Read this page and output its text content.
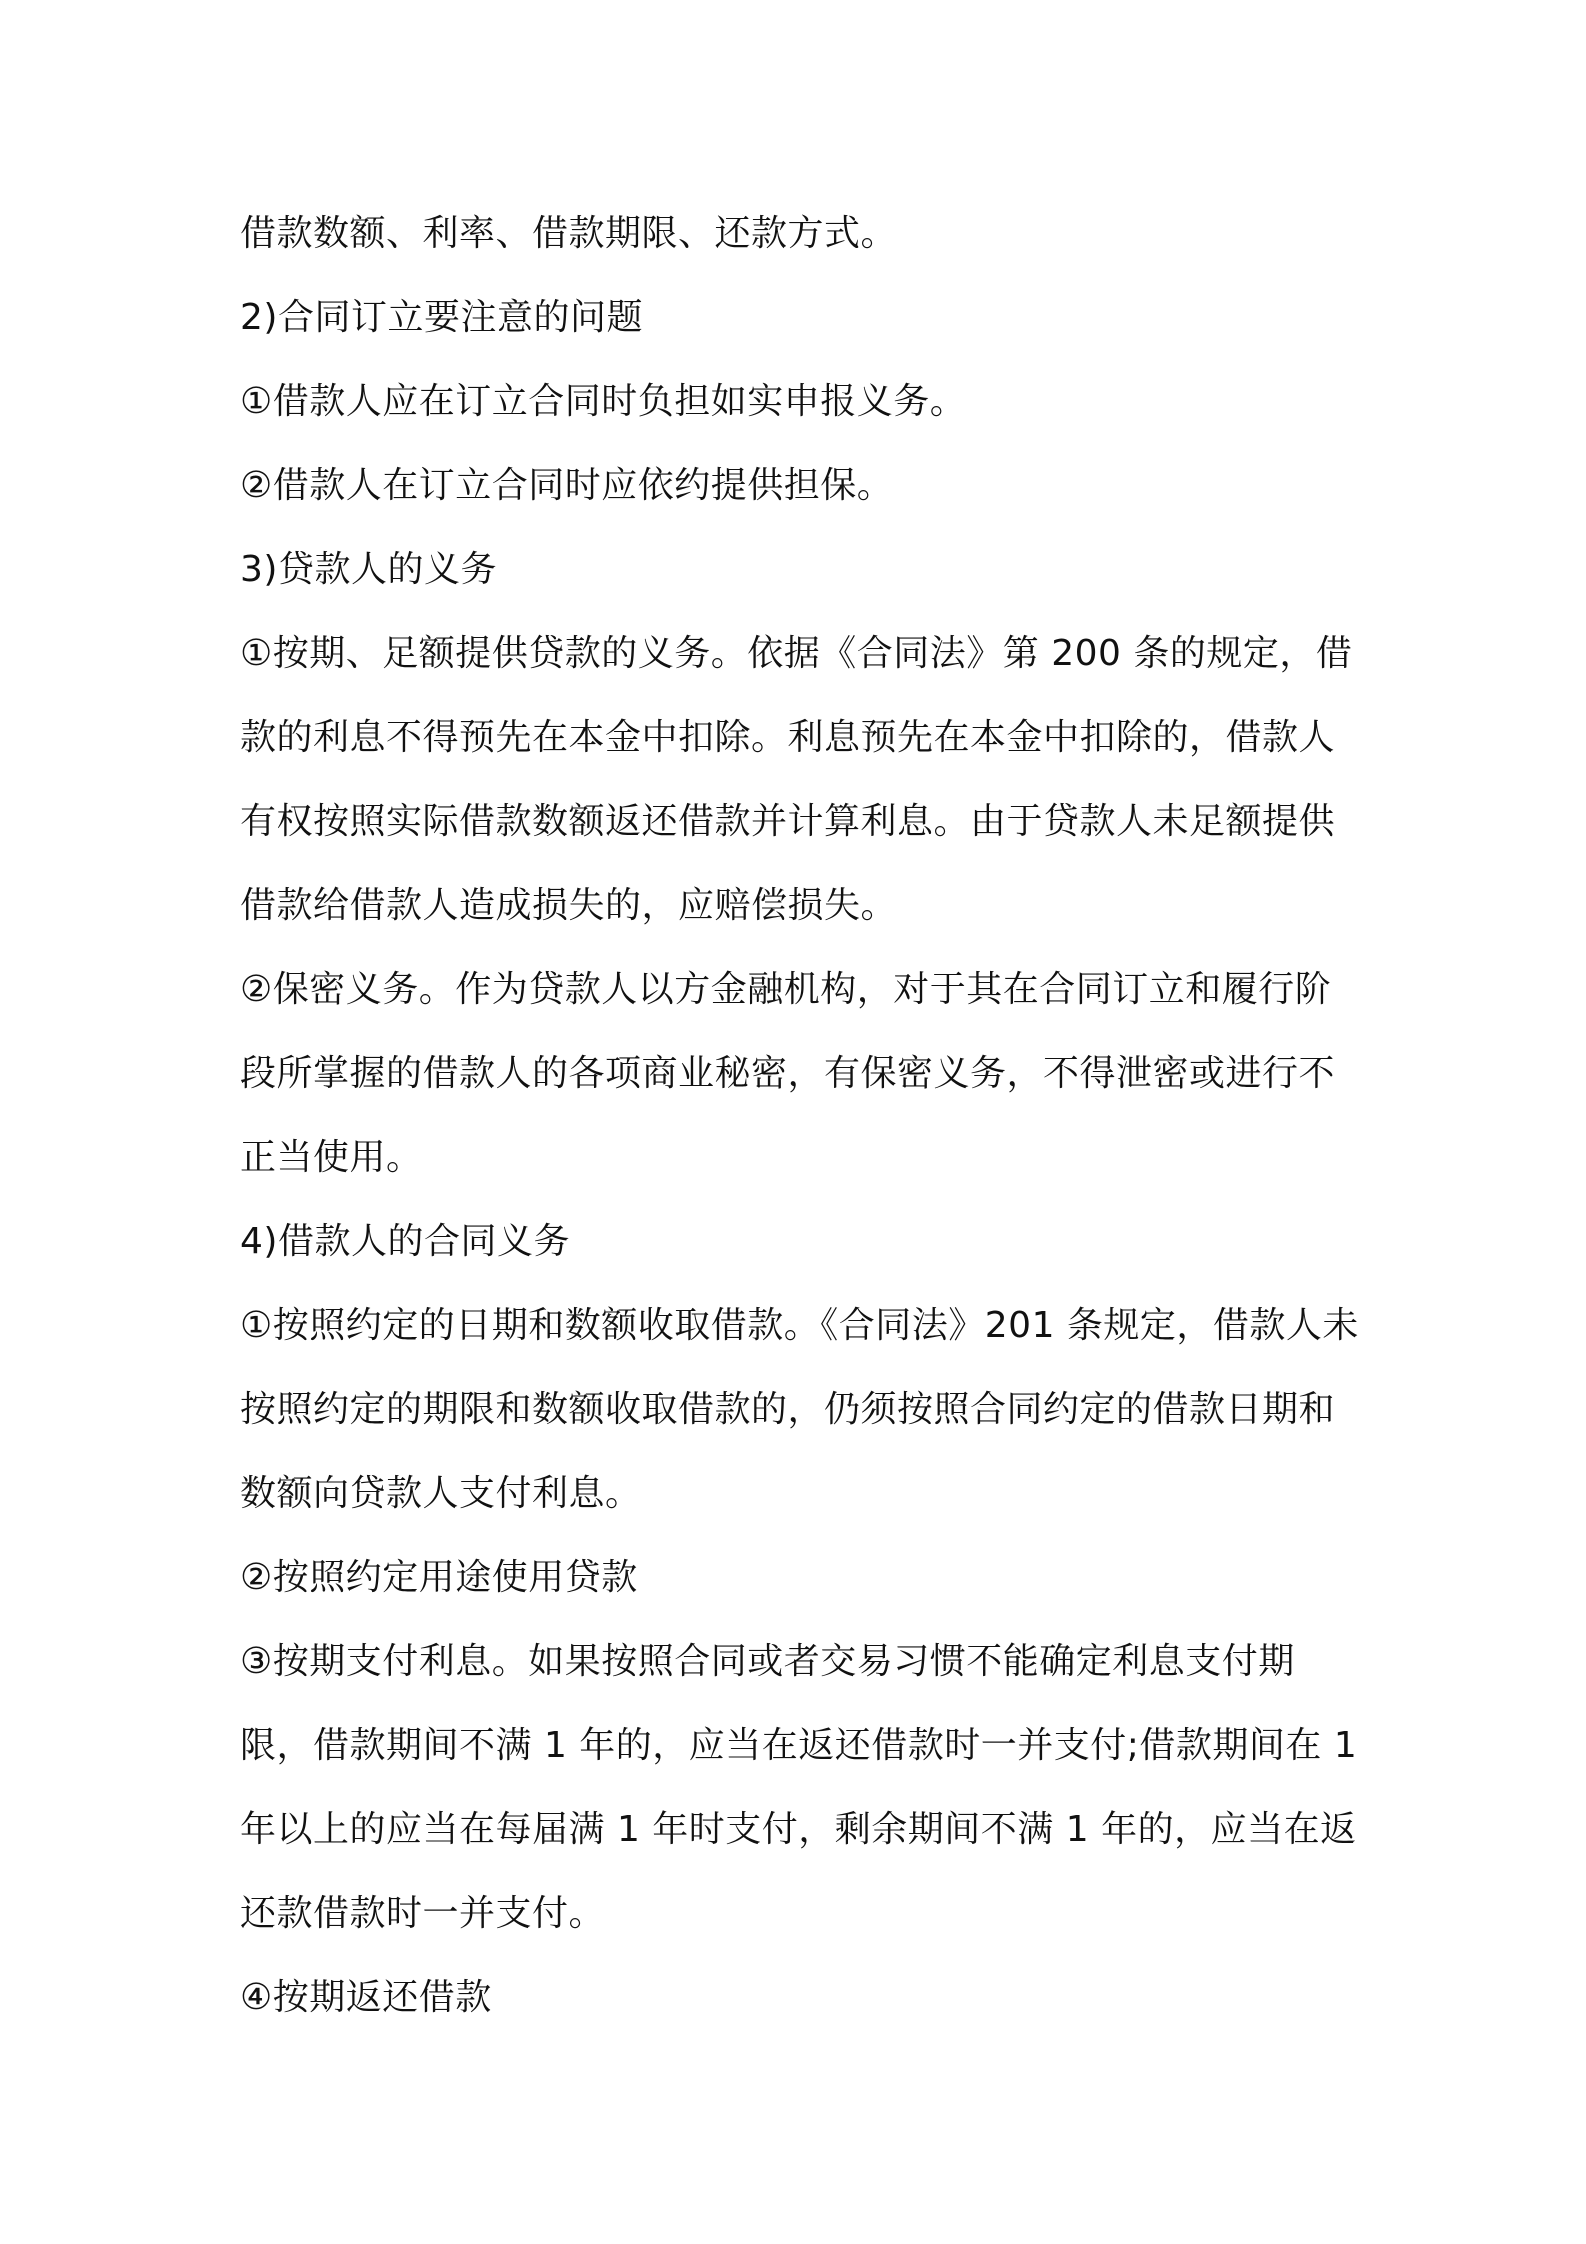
借款数额、利率、借款期限、还款方式。

2)合同订立要注意的问题

①借款人应在订立合同时负担如实申报义务。

②借款人在订立合同时应依约提供担保。

3)贷款人的义务

①按期、足额提供贷款的义务。依据《合同法》第 200 条的规定，借款的利息不得预先在本金中扣除。利息预先在本金中扣除的，借款人有权按照实际借款数额返还借款并计算利息。由于贷款人未足额提供借款给借款人造成损失的，应赔偿损失。

②保密义务。作为贷款人以方金融机构，对于其在合同订立和履行阶段所掌握的借款人的各项商业秘密，有保密义务，不得泄密或进行不正当使用。

4)借款人的合同义务

①按照约定的日期和数额收取借款。《合同法》201 条规定，借款人未按照约定的期限和数额收取借款的，仍须按照合同约定的借款日期和数额向贷款人支付利息。

②按照约定用途使用贷款

③按期支付利息。如果按照合同或者交易习惯不能确定利息支付期限，借款期间不满 1 年的，应当在返还借款时一并支付;借款期间在 1 年以上的应当在每届满 1 年时支付，剩余期间不满 1 年的，应当在返还款借款时一并支付。

④按期返还借款
